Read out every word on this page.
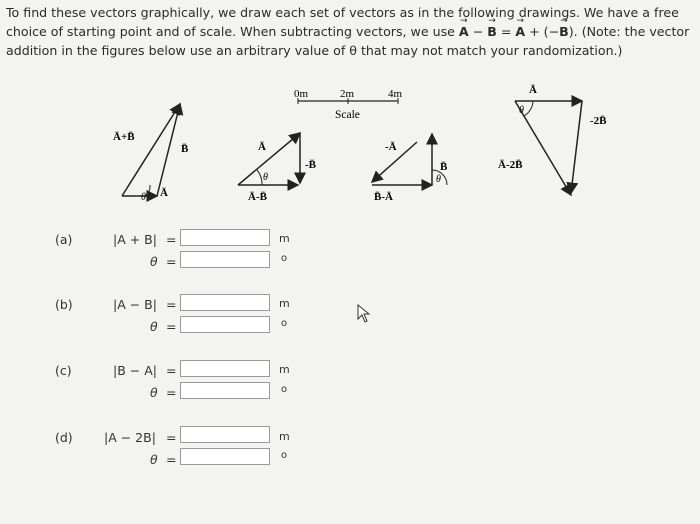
To find these vectors graphically, we draw each set of vectors as in the following drawings. We have a free choice of starting point and of scale. When subtracting vectors, we use → A − → B = → A + (−→ B). (Note: the vector addition in the figures below use an arbitrary value of θ that may not match your randomization.)
0m	2m	4m
Scale
Ā+B̄
B̄
θ Ā
Ā
-B̄
θ
Ā-B̄
-Ā
B̄
θ
B̄-Ā
Ā
-2B̄
θ
Ā-2B̄
(a)	|A + B| =	m
θ =	o
(b)	|A − B| =	m
θ =	o
(c)	|B − A| =	m
θ =	o
(d)	|A − 2B| =	m
θ =	o
